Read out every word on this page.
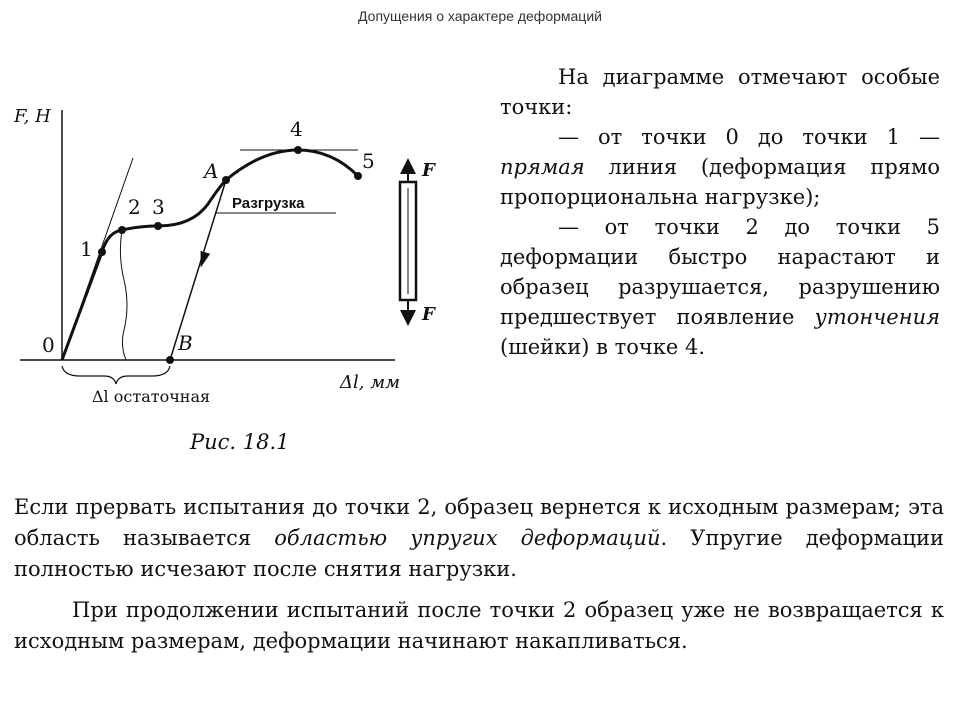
Допущения о характере деформаций
F, Н
Δl, мм
0
1
2 3
4
5
A
B
Разгрузка
Δl остаточная
F
F
Рис. 18.1

На диаграмме отмечают особые точки:

— от точки 0 до точки 1 — прямая линия (деформация прямо пропорциональна нагрузке);

— от точки 2 до точки 5 деформации быстро нарастают и образец разрушается, разрушению предшествует появление утончения (шейки) в точке 4.

Если прервать испытания до точки 2, образец вернется к исходным размерам; эта область называется областью упругих деформаций. Упругие деформации полностью исчезают после снятия нагрузки.

При продолжении испытаний после точки 2 образец уже не возвращается к исходным размерам, деформации начинают накапливаться.
